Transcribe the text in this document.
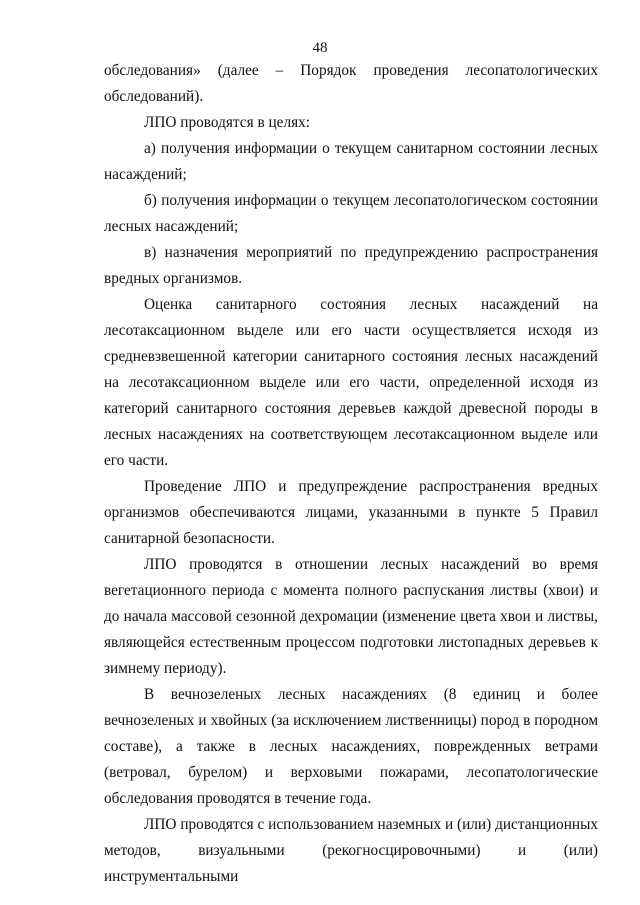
48

обследования» (далее – Порядок проведения лесопатологических обследований).

ЛПО проводятся в целях:

а) получения информации о текущем санитарном состоянии лесных насаждений;

б) получения информации о текущем лесопатологическом состоянии лесных насаждений;

в) назначения мероприятий по предупреждению распространения вредных организмов.

Оценка санитарного состояния лесных насаждений на лесотаксационном выделе или его части осуществляется исходя из средневзвешенной категории санитарного состояния лесных насаждений на лесотаксационном выделе или его части, определенной исходя из категорий санитарного состояния деревьев каждой древесной породы в лесных насаждениях на соответствующем лесотаксационном выделе или его части.

Проведение ЛПО и предупреждение распространения вредных организмов обеспечиваются лицами, указанными в пункте 5 Правил санитарной безопасности.

ЛПО проводятся в отношении лесных насаждений во время вегетационного периода с момента полного распускания листвы (хвои) и до начала массовой сезонной дехромации (изменение цвета хвои и листвы, являющейся естественным процессом подготовки листопадных деревьев к зимнему периоду).

В вечнозеленых лесных насаждениях (8 единиц и более вечнозеленых и хвойных (за исключением лиственницы) пород в породном составе), а также в лесных насаждениях, поврежденных ветрами (ветровал, бурелом) и верховыми пожарами, лесопатологические обследования проводятся в течение года.

ЛПО проводятся с использованием наземных и (или) дистанционных методов, визуальными (рекогносцировочными) и (или) инструментальными
